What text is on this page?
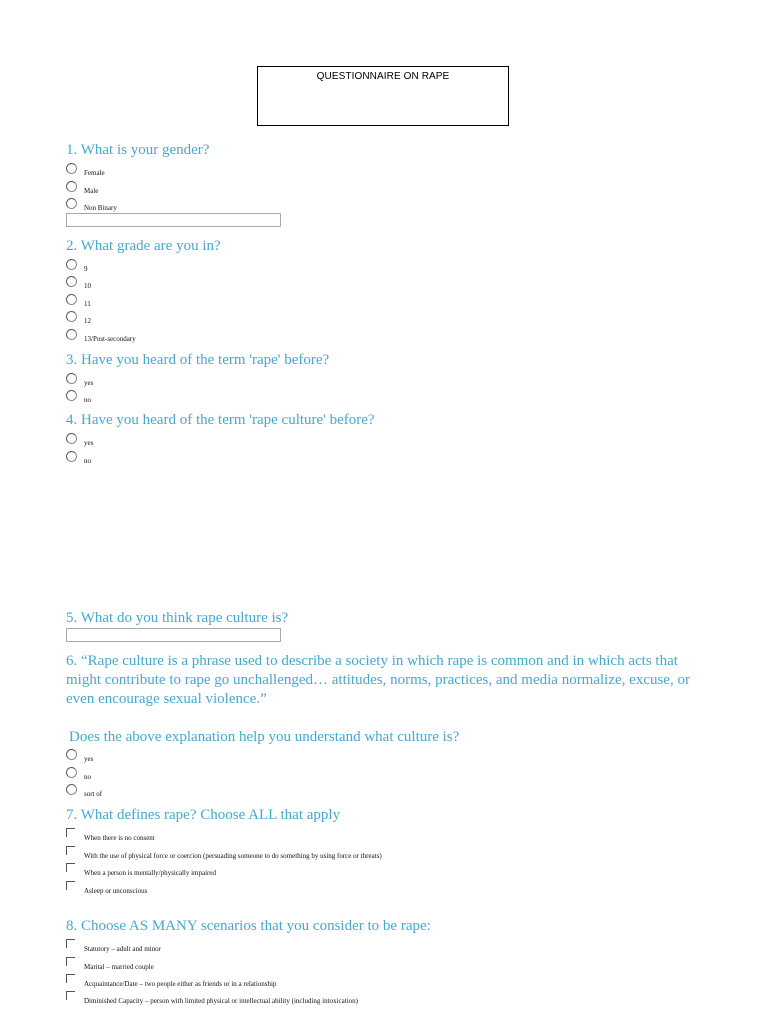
QUESTIONNAIRE ON RAPE
1. What is your gender?
Female
Male
Non Binary
2. What grade are you in?
9
10
11
12
13/Post-secondary
3. Have you heard of the term 'rape' before?
yes
no
4. Have you heard of the term 'rape culture' before?
yes
no
5. What do you think rape culture is?
6. “Rape culture is a phrase used to describe a society in which rape is common and in which acts that might contribute to rape go unchallenged… attitudes, norms, practices, and media normalize, excuse, or even encourage sexual violence.”
Does the above explanation help you understand what culture is?
yes
no
sort of
7. What defines rape? Choose ALL that apply
When there is no consent
With the use of physical force or coercion (persuading someone to do something by using force or threats)
When a person is mentally/physically impaired
Asleep or unconscious
8. Choose AS MANY scenarios that you consider to be rape:
Statutory – adult and minor
Marital – married couple
Acquaintance/Date – two people either as friends or in a relationship
Diminished Capacity – person with limited physical or intellectual ability (including intoxication)
